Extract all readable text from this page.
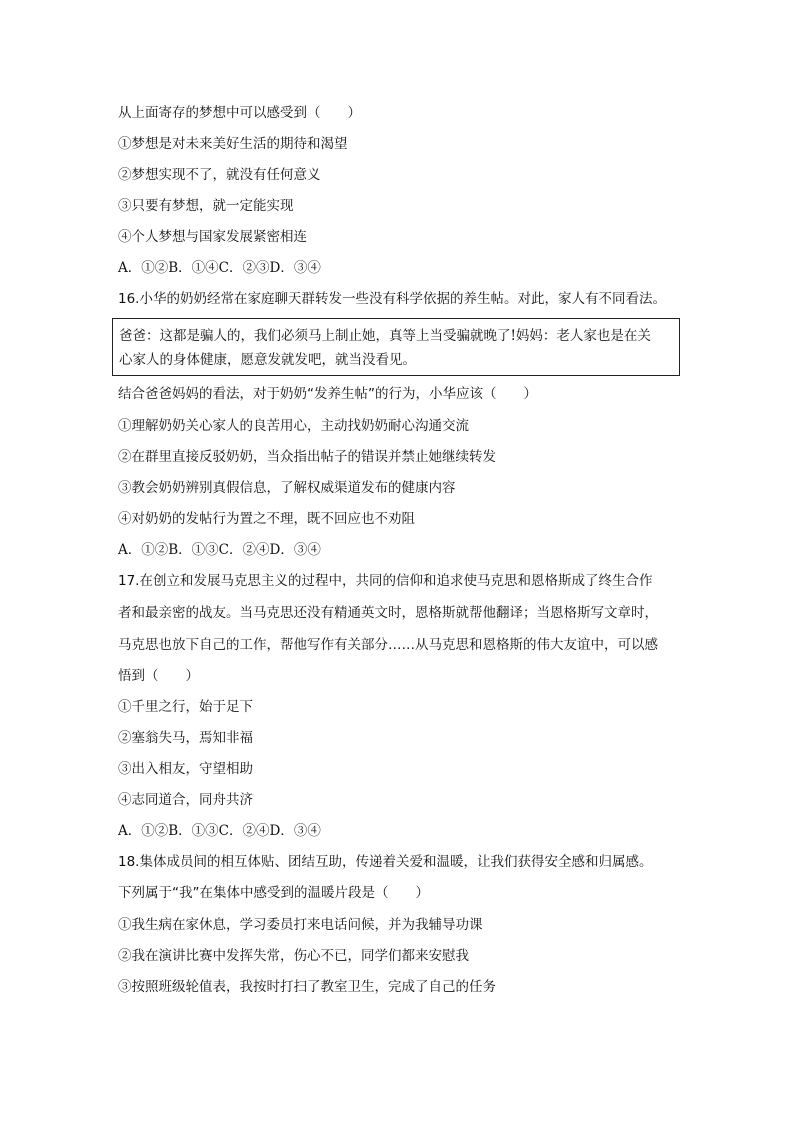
从上面寄存的梦想中可以感受到（　　）
①梦想是对未来美好生活的期待和渴望
②梦想实现不了，就没有任何意义
③只要有梦想，就一定能实现
④个人梦想与国家发展紧密相连
A．①②B．①④C．②③D．③④
16.小华的奶奶经常在家庭聊天群转发一些没有科学依据的养生帖。对此，家人有不同看法。
爸爸：这都是骗人的，我们必须马上制止她，真等上当受骗就晚了!妈妈：老人家也是在关
心家人的身体健康，愿意发就发吧，就当没看见。
结合爸爸妈妈的看法，对于奶奶“发养生帖”的行为，小华应该（　　）
①理解奶奶关心家人的良苦用心，主动找奶奶耐心沟通交流
②在群里直接反驳奶奶，当众指出帖子的错误并禁止她继续转发
③教会奶奶辨别真假信息，了解权威渠道发布的健康内容
④对奶奶的发帖行为置之不理，既不回应也不劝阻
A．①②B．①③C．②④D．③④
17.在创立和发展马克思主义的过程中，共同的信仰和追求使马克思和恩格斯成了终生合作
者和最亲密的战友。当马克思还没有精通英文时，恩格斯就帮他翻译；当恩格斯写文章时，
马克思也放下自己的工作，帮他写作有关部分……从马克思和恩格斯的伟大友谊中，可以感
悟到（　　）
①千里之行，始于足下
②塞翁失马，焉知非福
③出入相友，守望相助
④志同道合，同舟共济
A．①②B．①③C．②④D．③④
18.集体成员间的相互体贴、团结互助，传递着关爱和温暖，让我们获得安全感和归属感。
下列属于“我”在集体中感受到的温暖片段是（　　）
①我生病在家休息，学习委员打来电话问候，并为我辅导功课
②我在演讲比赛中发挥失常，伤心不已，同学们都来安慰我
③按照班级轮值表，我按时打扫了教室卫生，完成了自己的任务
